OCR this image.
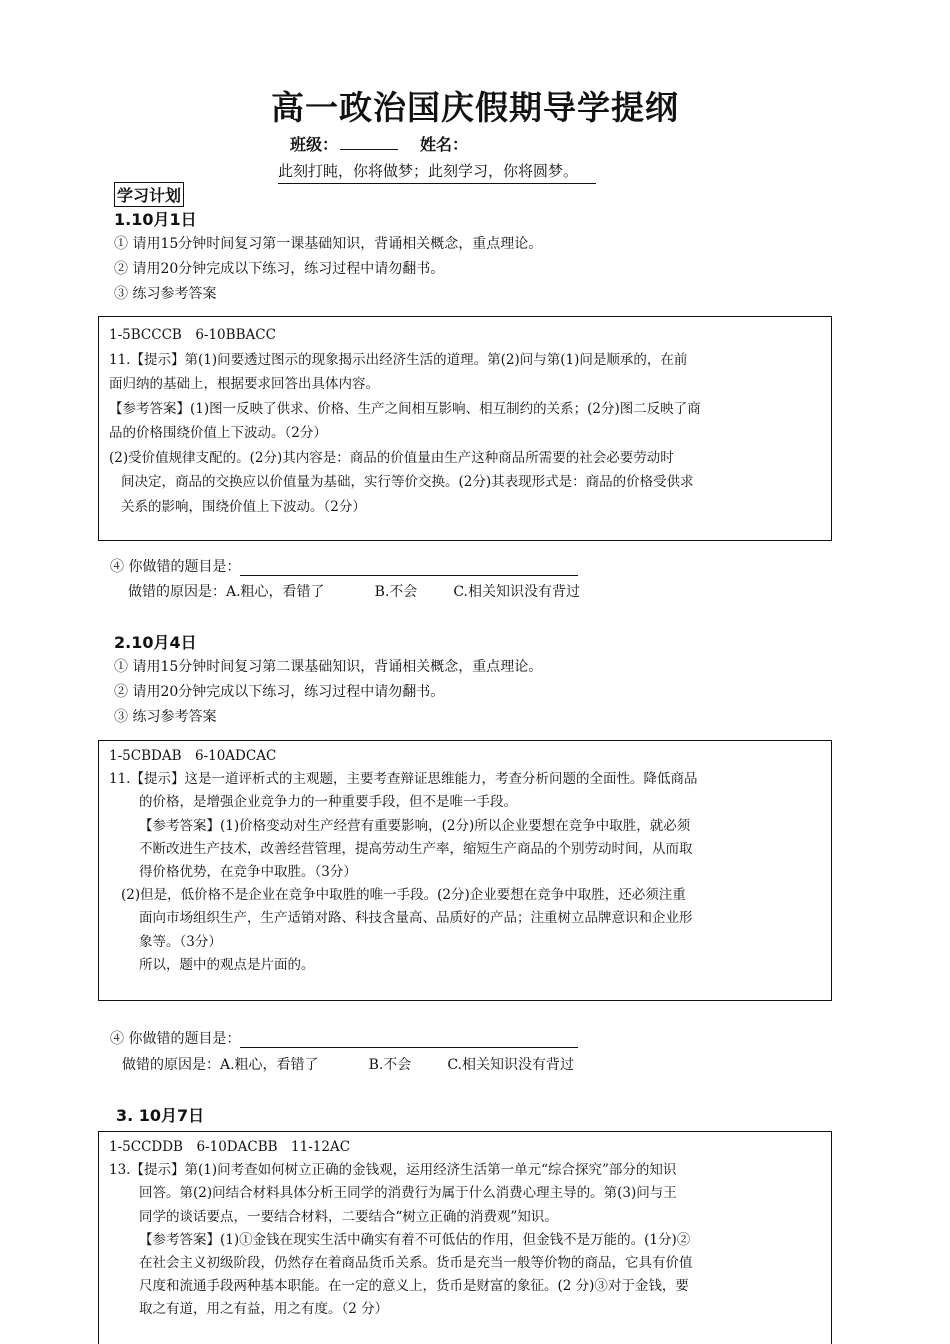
高一政治国庆假期导学提纲
班级：	姓名：
此刻打盹，你将做梦；此刻学习，你将圆梦。
学习计划
1.10月1日
① 请用15分钟时间复习第一课基础知识，背诵相关概念，重点理论。
② 请用20分钟完成以下练习，练习过程中请勿翻书。
③ 练习参考答案

1-5BCCCB　6-10BBACC

11.【提示】第(1)问要透过图示的现象揭示出经济生活的道理。第(2)问与第(1)问是顺承的，在前

面归纳的基础上，根据要求回答出具体内容。

【参考答案】(1)图一反映了供求、价格、生产之间相互影响、相互制约的关系；(2分)图二反映了商

品的价格围绕价值上下波动。（2分）

(2)受价值规律支配的。(2分)其内容是：商品的价值量由生产这种商品所需要的社会必要劳动时

间决定，商品的交换应以价值量为基础，实行等价交换。(2分)其表现形式是：商品的价格受供求

关系的影响，围绕价值上下波动。（2分）

④ 你做错的题目是：
做错的原因是：A.粗心，看错了	B.不会	C.相关知识没有背过
2.10月4日
① 请用15分钟时间复习第二课基础知识，背诵相关概念，重点理论。
② 请用20分钟完成以下练习，练习过程中请勿翻书。
③ 练习参考答案

1-5CBDAB　6-10ADCAC

11.【提示】这是一道评析式的主观题，主要考查辩证思维能力，考查分析问题的全面性。降低商品

的价格，是增强企业竞争力的一种重要手段，但不是唯一手段。

【参考答案】(1)价格变动对生产经营有重要影响，(2分)所以企业要想在竞争中取胜，就必须

不断改进生产技术，改善经营管理，提高劳动生产率，缩短生产商品的个别劳动时间，从而取

得价格优势，在竞争中取胜。（3分）

(2)但是，低价格不是企业在竞争中取胜的唯一手段。(2分)企业要想在竞争中取胜，还必须注重

面向市场组织生产，生产适销对路、科技含量高、品质好的产品；注重树立品牌意识和企业形

象等。（3分）

所以，题中的观点是片面的。

④ 你做错的题目是：
做错的原因是：A.粗心，看错了	B.不会	C.相关知识没有背过
3. 10月7日

1-5CCDDB　6-10DACBB　11-12AC

13.【提示】第(1)问考查如何树立正确的金钱观，运用经济生活第一单元“综合探究”部分的知识

回答。第(2)问结合材料具体分析王同学的消费行为属于什么消费心理主导的。第(3)问与王

同学的谈话要点，一要结合材料，二要结合“树立正确的消费观”知识。

【参考答案】(1)①金钱在现实生活中确实有着不可低估的作用，但金钱不是万能的。(1分)②

在社会主义初级阶段，仍然存在着商品货币关系。货币是充当一般等价物的商品，它具有价值

尺度和流通手段两种基本职能。在一定的意义上，货币是财富的象征。(2 分)③对于金钱，要

取之有道，用之有益，用之有度。（2 分）
